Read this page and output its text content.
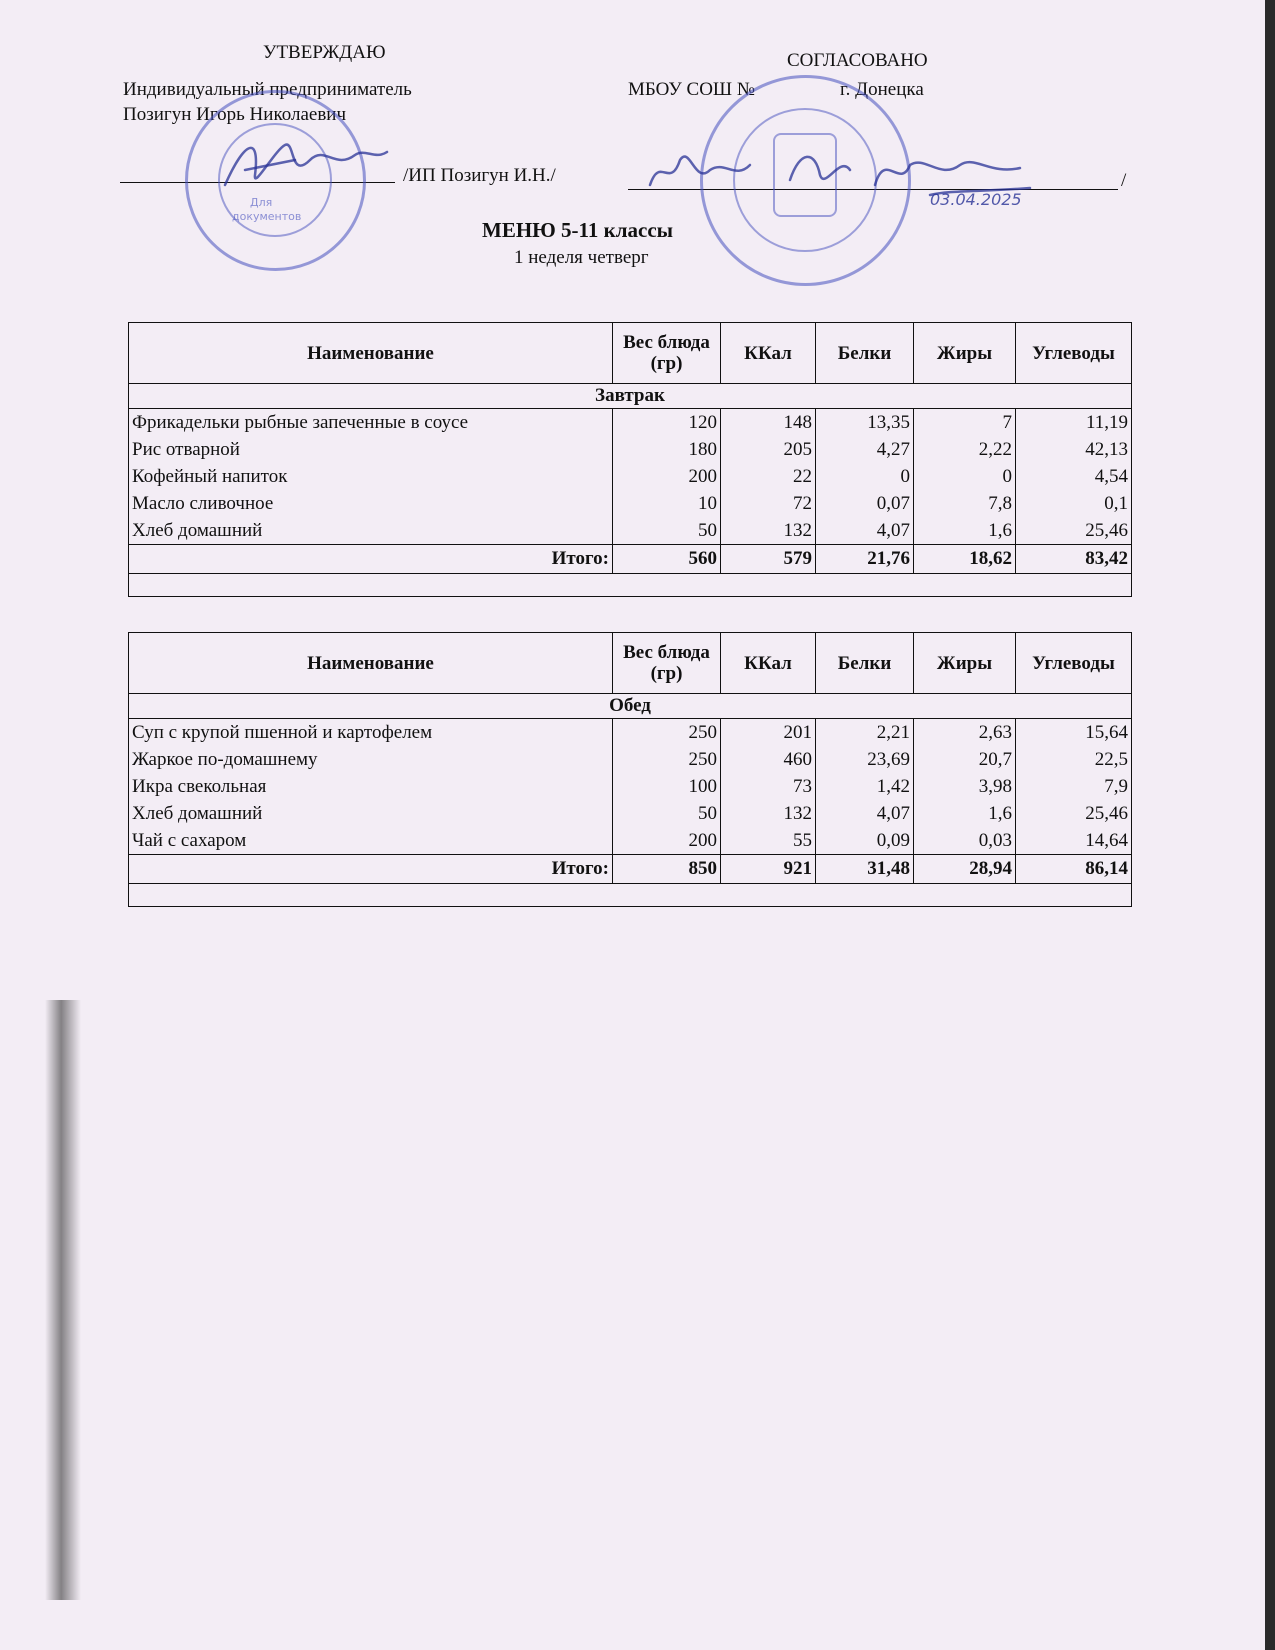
УТВЕРЖДАЮ
Индивидуальный предприниматель
Позигун Игорь Николаевич
/ИП Позигун И.Н./
СОГЛАСОВАНО
МБОУ СОШ №	г. Донецка
/
МЕНЮ 5-11 классы
1 неделя четверг
Для
документов
03.04.2025
Наименование	Вес блюда (гр)	ККал	Белки	Жиры	Углеводы
Завтрак					
Фрикадельки рыбные запеченные в соусе	120	148	13,35	7	11,19
Рис отварной	180	205	4,27	2,22	42,13
Кофейный напиток	200	22	0	0	4,54
Масло сливочное	10	72	0,07	7,8	0,1
Хлеб домашний	50	132	4,07	1,6	25,46
Итого:	560	579	21,76	18,62	83,42

Наименование	Вес блюда (гр)	ККал	Белки	Жиры	Углеводы
Обед					
Суп с крупой пшенной и картофелем	250	201	2,21	2,63	15,64
Жаркое по-домашнему	250	460	23,69	20,7	22,5
Икра свекольная	100	73	1,42	3,98	7,9
Хлеб домашний	50	132	4,07	1,6	25,46
Чай с сахаром	200	55	0,09	0,03	14,64
Итого:	850	921	31,48	28,94	86,14
